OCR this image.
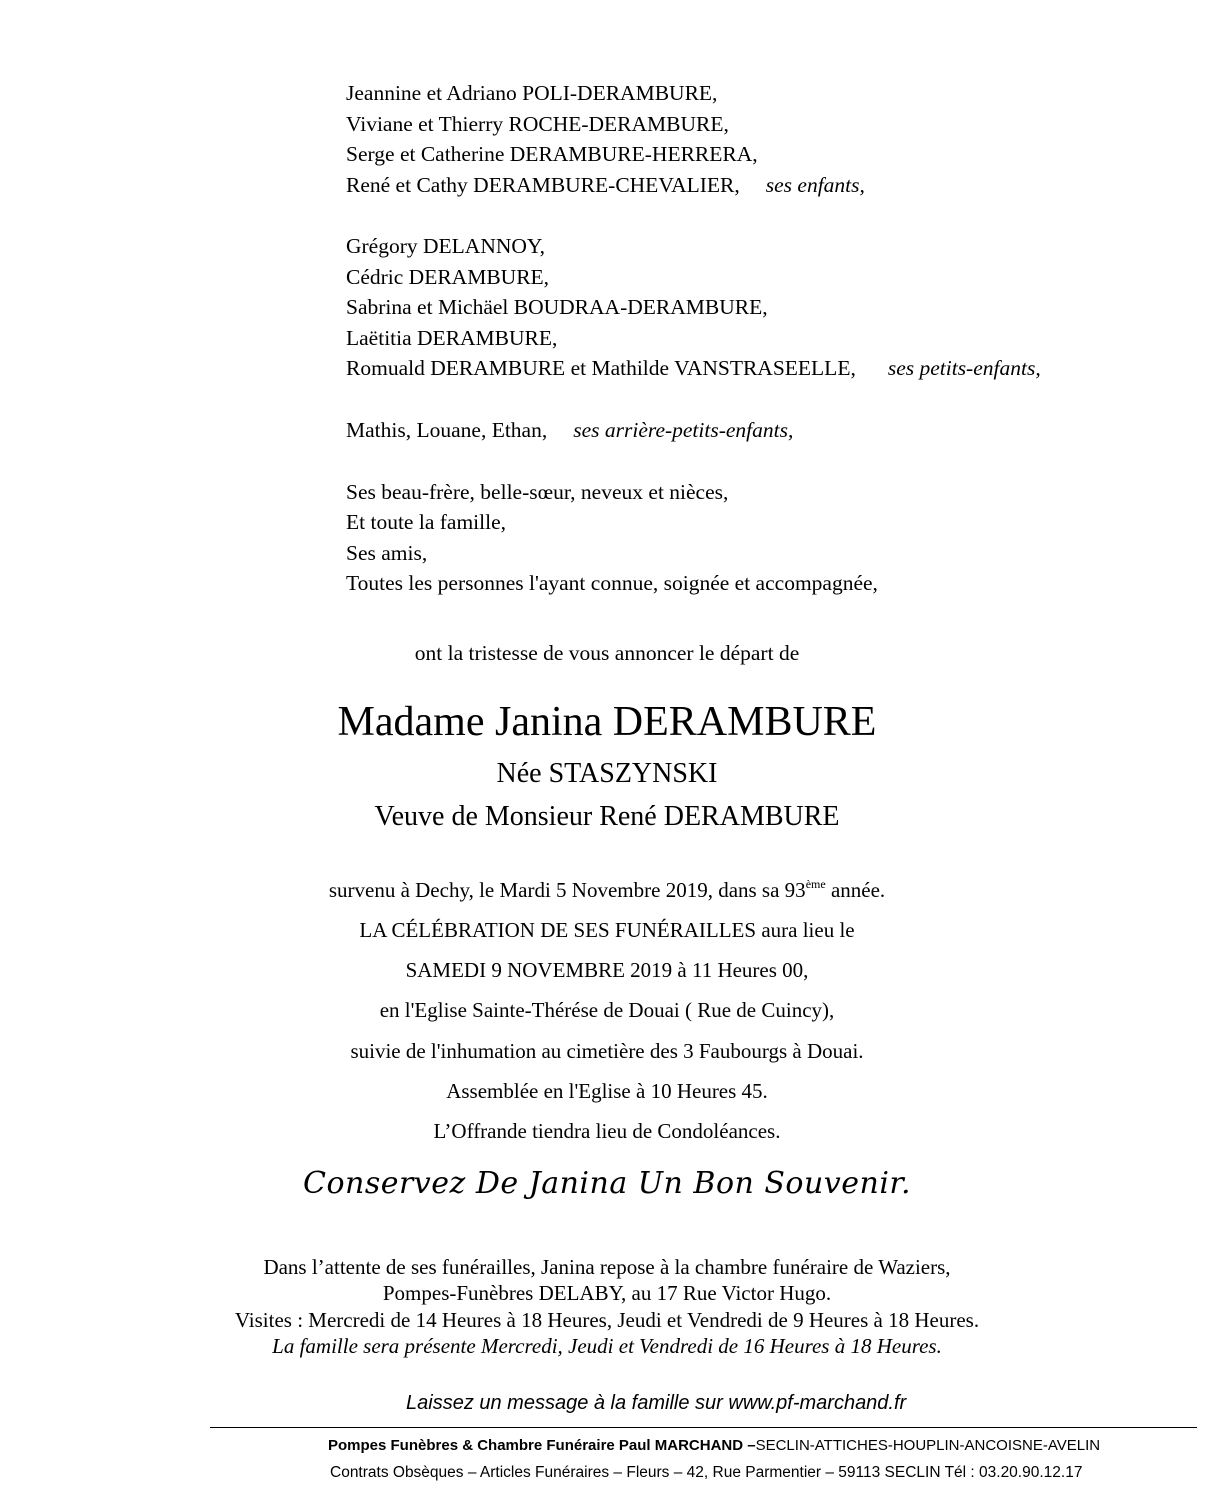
Jeannine et Adriano POLI-DERAMBURE,
Viviane et Thierry ROCHE-DERAMBURE,
Serge et Catherine DERAMBURE-HERRERA,
René et Cathy DERAMBURE-CHEVALIER, ses enfants,
Grégory DELANNOY,
Cédric DERAMBURE,
Sabrina et Michäel BOUDRAA-DERAMBURE,
Laëtitia DERAMBURE,
Romuald DERAMBURE et Mathilde VANSTRASEELLE, ses petits-enfants,
Mathis, Louane, Ethan, ses arrière-petits-enfants,
Ses beau-frère, belle-sœur, neveux et nièces,
Et toute la famille,
Ses amis,
Toutes les personnes l'ayant connue, soignée et accompagnée,
ont la tristesse de vous annoncer le départ de
Madame Janina DERAMBURE
Née STASZYNSKI
Veuve de Monsieur René DERAMBURE
survenu à Dechy, le Mardi 5 Novembre 2019, dans sa 93ème année.
LA CÉLÉBRATION DE SES FUNÉRAILLES aura lieu le
SAMEDI 9 NOVEMBRE 2019 à 11 Heures 00,
en l'Eglise Sainte-Thérése de Douai ( Rue de Cuincy),
suivie de l'inhumation au cimetière des 3 Faubourgs à Douai.
Assemblée en l'Eglise à 10 Heures 45.
L’Offrande tiendra lieu de Condoléances.
Conservez De Janina Un Bon Souvenir.
Dans l’attente de ses funérailles, Janina repose à la chambre funéraire de Waziers,
Pompes-Funèbres DELABY, au 17 Rue Victor Hugo.
Visites : Mercredi de 14 Heures à 18 Heures, Jeudi et Vendredi de 9 Heures à 18 Heures.
La famille sera présente Mercredi, Jeudi et Vendredi de 16 Heures à 18 Heures.
Laissez un message à la famille sur www.pf-marchand.fr
Pompes Funèbres & Chambre Funéraire Paul MARCHAND –SECLIN-ATTICHES-HOUPLIN-ANCOISNE-AVELIN
Contrats Obsèques – Articles Funéraires – Fleurs – 42, Rue Parmentier – 59113 SECLIN Tél : 03.20.90.12.17
